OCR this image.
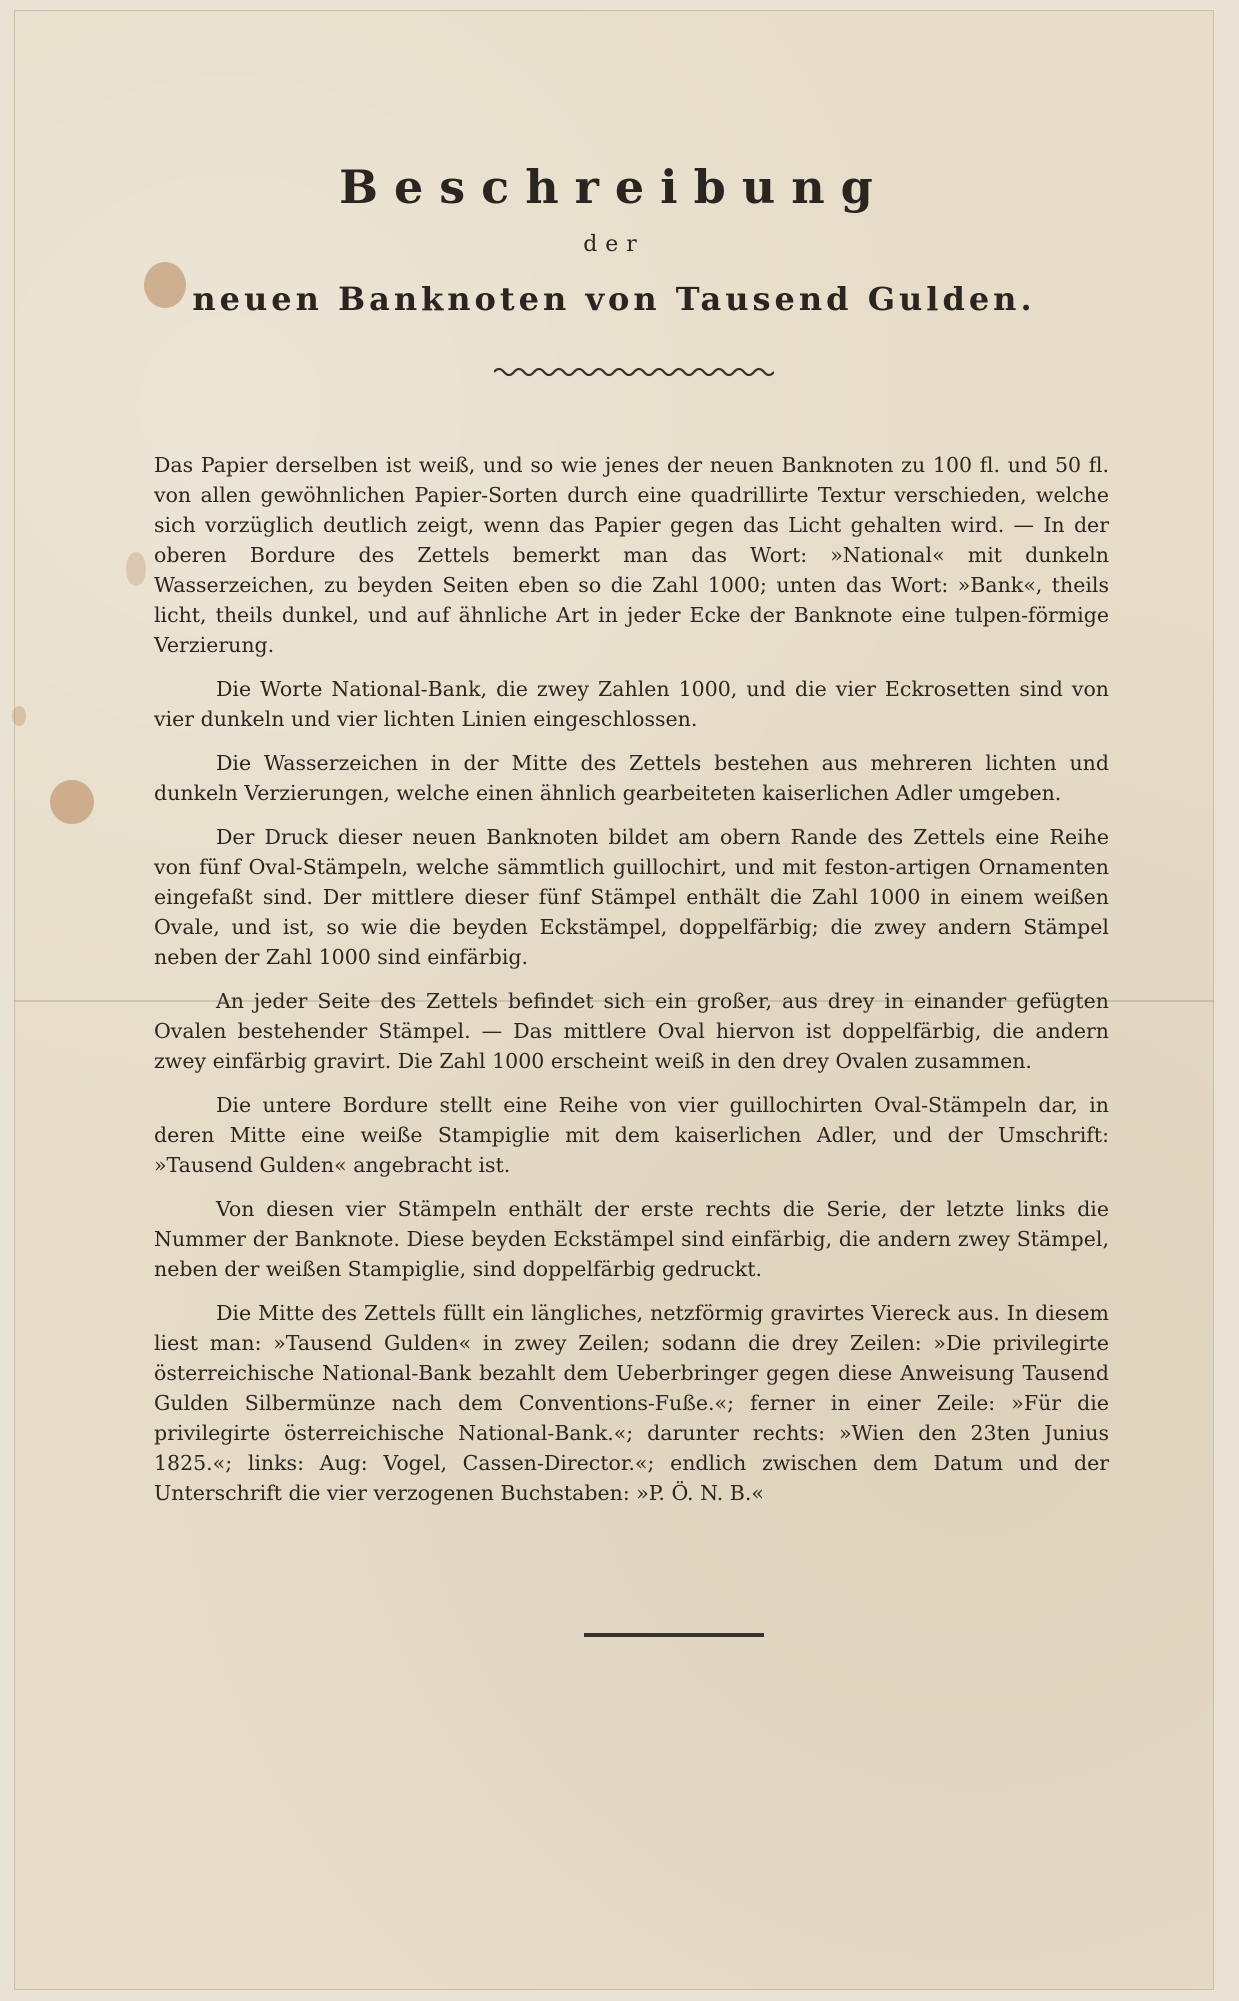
Beschreibung
der
neuen Banknoten von Tausend Gulden.

Das Papier derselben ist weiß, und so wie jenes der neuen Banknoten zu 100 fl. und 50 fl. von allen gewöhnlichen Papier-Sorten durch eine quadrillirte Textur verschieden, welche sich vorzüglich deutlich zeigt, wenn das Papier gegen das Licht gehalten wird. — In der oberen Bordure des Zettels bemerkt man das Wort: »National« mit dunkeln Wasserzeichen, zu beyden Seiten eben so die Zahl 1000; unten das Wort: »Bank«, theils licht, theils dunkel, und auf ähnliche Art in jeder Ecke der Banknote eine tulpen-förmige Verzierung.

Die Worte National-Bank, die zwey Zahlen 1000, und die vier Eckrosetten sind von vier dunkeln und vier lichten Linien eingeschlossen.

Die Wasserzeichen in der Mitte des Zettels bestehen aus mehreren lichten und dunkeln Verzierungen, welche einen ähnlich gearbeiteten kaiserlichen Adler umgeben.

Der Druck dieser neuen Banknoten bildet am obern Rande des Zettels eine Reihe von fünf Oval-Stämpeln, welche sämmtlich guillochirt, und mit feston-artigen Ornamenten eingefaßt sind. Der mittlere dieser fünf Stämpel enthält die Zahl 1000 in einem weißen Ovale, und ist, so wie die beyden Eckstämpel, doppelfärbig; die zwey andern Stämpel neben der Zahl 1000 sind einfärbig.

An jeder Seite des Zettels befindet sich ein großer, aus drey in einander gefügten Ovalen bestehender Stämpel. — Das mittlere Oval hiervon ist doppelfärbig, die andern zwey einfärbig gravirt. Die Zahl 1000 erscheint weiß in den drey Ovalen zusammen.

Die untere Bordure stellt eine Reihe von vier guillochirten Oval-Stämpeln dar, in deren Mitte eine weiße Stampiglie mit dem kaiserlichen Adler, und der Umschrift: »Tausend Gulden« angebracht ist.

Von diesen vier Stämpeln enthält der erste rechts die Serie, der letzte links die Nummer der Banknote. Diese beyden Eckstämpel sind einfärbig, die andern zwey Stämpel, neben der weißen Stampiglie, sind doppelfärbig gedruckt.

Die Mitte des Zettels füllt ein längliches, netzförmig gravirtes Viereck aus. In diesem liest man: »Tausend Gulden« in zwey Zeilen; sodann die drey Zeilen: »Die privilegirte österreichische National-Bank bezahlt dem Ueberbringer gegen diese Anweisung Tausend Gulden Silbermünze nach dem Conventions-Fuße.«; ferner in einer Zeile: »Für die privilegirte österreichische National-Bank.«; darunter rechts: »Wien den 23ten Junius 1825.«; links: Aug: Vogel, Cassen-Director.«; endlich zwischen dem Datum und der Unterschrift die vier verzogenen Buchstaben: »P. Ö. N. B.«
